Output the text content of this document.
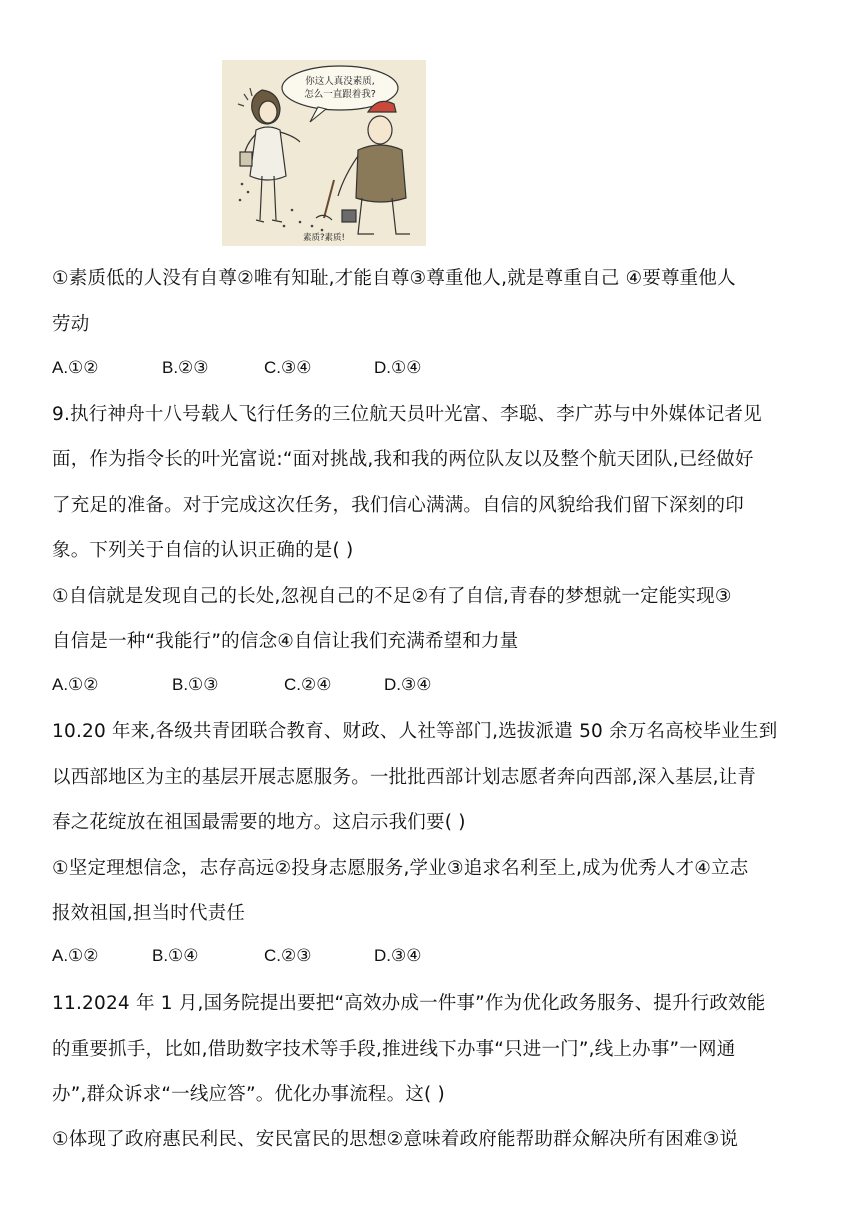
你这人真没素质,
怎么一直跟着我?
素质?素质!
①素质低的人没有自尊②唯有知耻,才能自尊③尊重他人,就是尊重自己 ④要尊重他人
劳动
A.①②	B.②③	C.③④	D.①④
9.执行神舟十八号载人飞行任务的三位航天员叶光富、李聪、李广苏与中外媒体记者见
面，作为指令长的叶光富说:“面对挑战,我和我的两位队友以及整个航天团队,已经做好
了充足的准备。对于完成这次任务，我们信心满满。自信的风貌给我们留下深刻的印
象。下列关于自信的认识正确的是( )
①自信就是发现自己的长处,忽视自己的不足②有了自信,青春的梦想就一定能实现③
自信是一种“我能行”的信念④自信让我们充满希望和力量
A.①②	B.①③	C.②④	D.③④
10.20 年来,各级共青团联合教育、财政、人社等部门,选拔派遣 50 余万名高校毕业生到
以西部地区为主的基层开展志愿服务。一批批西部计划志愿者奔向西部,深入基层,让青
春之花绽放在祖国最需要的地方。这启示我们要( )
①坚定理想信念，志存高远②投身志愿服务,学业③追求名利至上,成为优秀人才④立志
报效祖国,担当时代责任
A.①②	B.①④	C.②③	D.③④
11.2024 年 1 月,国务院提出要把“高效办成一件事”作为优化政务服务、提升行政效能
的重要抓手，比如,借助数字技术等手段,推进线下办事“只进一门”,线上办事”一网通
办”,群众诉求“一线应答”。优化办事流程。这( )
①体现了政府惠民利民、安民富民的思想②意味着政府能帮助群众解决所有困难③说
